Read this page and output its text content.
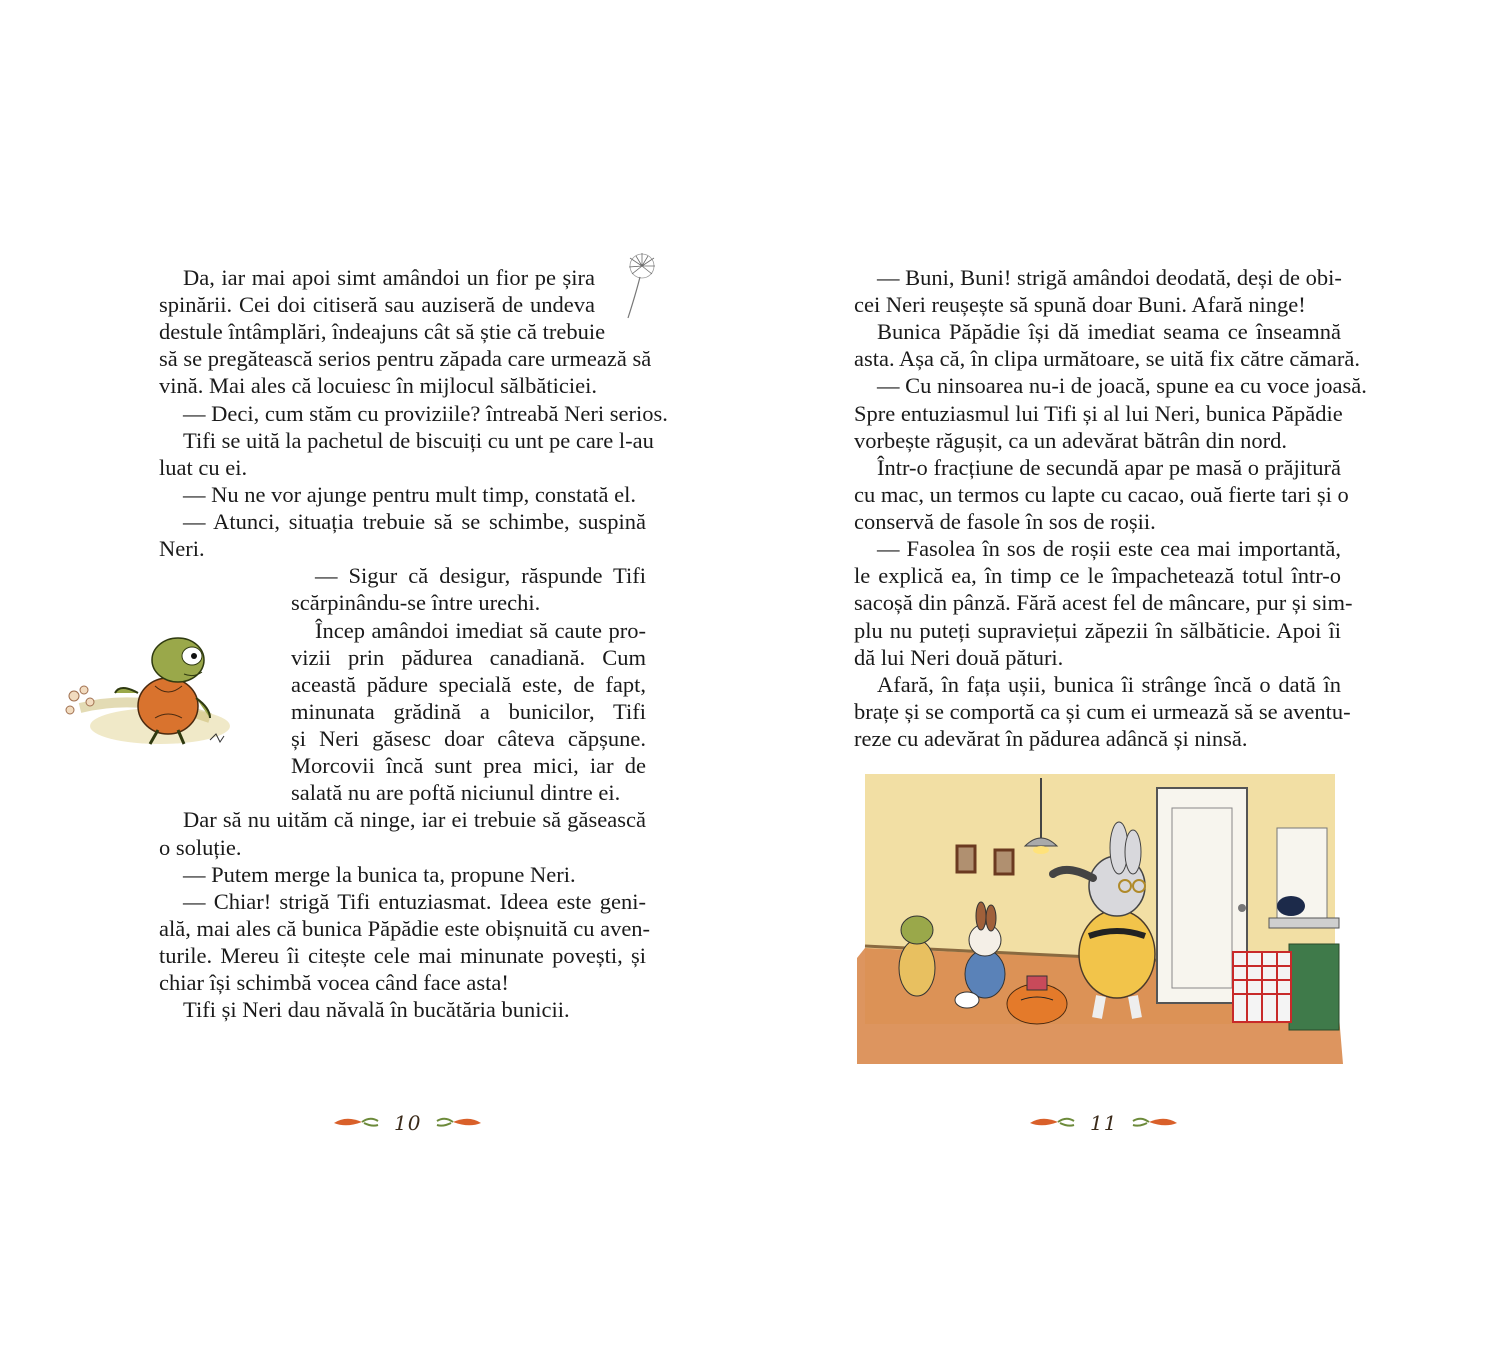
Da, iar mai apoi simt amândoi un fior pe șira
spinării. Cei doi citiseră sau auziseră de undeva
destule întâmplări, îndeajuns cât să știe că trebuie
să se pregătească serios pentru zăpada care urmează să
vină. Mai ales că locuiesc în mijlocul sălbăticiei.
— Deci, cum stăm cu proviziile? întreabă Neri serios.
Tifi se uită la pachetul de biscuiți cu unt pe care l-au
luat cu ei.
— Nu ne vor ajunge pentru mult timp, constată el.
— Atunci, situația trebuie să se schimbe, suspină
Neri.
— Sigur că desigur, răspunde Tifi
scărpinându-se între urechi.
Încep amândoi imediat să caute pro-
vizii prin pădurea canadiană. Cum
această pădure specială este, de fapt,
minunata grădină a bunicilor, Tifi
și Neri găsesc doar câteva căpșune.
Morcovii încă sunt prea mici, iar de
salată nu are poftă niciunul dintre ei.
Dar să nu uităm că ninge, iar ei trebuie să găsească
o soluție.
— Putem merge la bunica ta, propune Neri.
— Chiar! strigă Tifi entuziasmat. Ideea este geni-
ală, mai ales că bunica Păpădie este obișnuită cu aven-
turile. Mereu îi citește cele mai minunate povești, și
chiar își schimbă vocea când face asta!
Tifi și Neri dau năvală în bucătăria bunicii.
10
— Buni, Buni! strigă amândoi deodată, deși de obi-
cei Neri reușește să spună doar Buni. Afară ninge!
Bunica Păpădie își dă imediat seama ce înseamnă
asta. Așa că, în clipa următoare, se uită fix către cămară.
— Cu ninsoarea nu-i de joacă, spune ea cu voce joasă.
Spre entuziasmul lui Tifi și al lui Neri, bunica Păpădie
vorbește răgușit, ca un adevărat bătrân din nord.
Într-o fracțiune de secundă apar pe masă o prăjitură
cu mac, un termos cu lapte cu cacao, ouă fierte tari și o
conservă de fasole în sos de roșii.
— Fasolea în sos de roșii este cea mai importantă,
le explică ea, în timp ce le împachetează totul într-o
sacoșă din pânză. Fără acest fel de mâncare, pur și sim-
plu nu puteți supraviețui zăpezii în sălbăticie. Apoi îi
dă lui Neri două pături.
Afară, în fața ușii, bunica îi strânge încă o dată în
brațe și se comportă ca și cum ei urmează să se aventu-
reze cu adevărat în pădurea adâncă și ninsă.
11
